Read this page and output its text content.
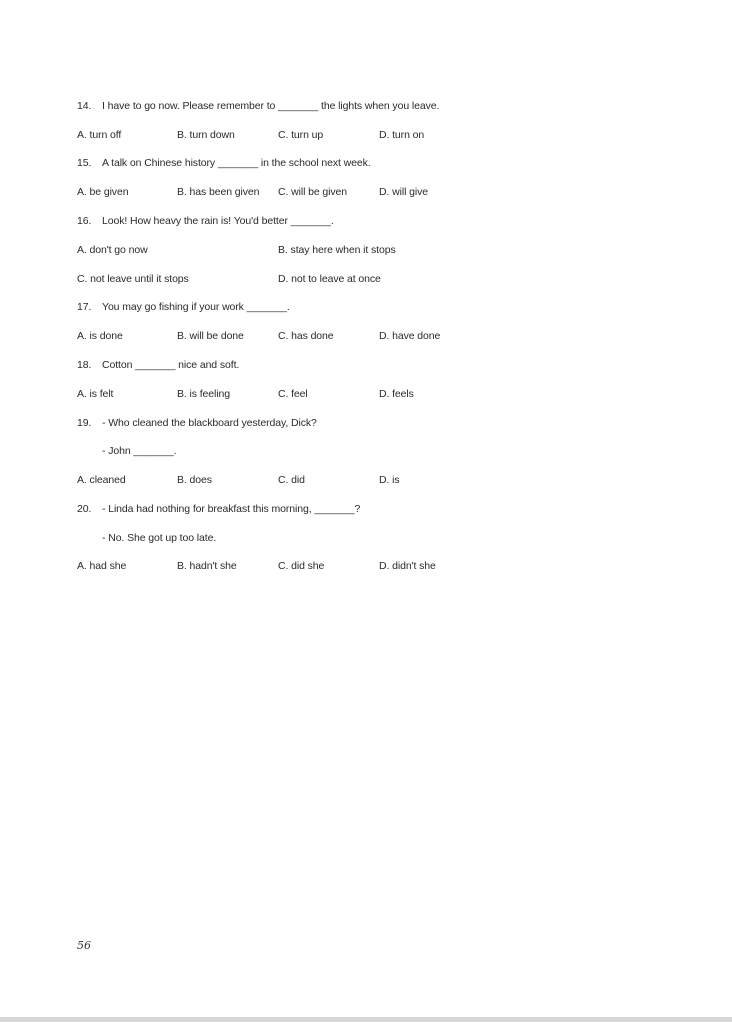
14. I have to go now. Please remember to _______ the lights when you leave.
A. turn off	B. turn down	C. turn up	D. turn on
15. A talk on Chinese history _______ in the school next week.
A. be given	B. has been given C. will be given	D. will give
16. Look! How heavy the rain is! You'd better _______.
A. don't go now	B. stay here when it stops
C. not leave until it stops	D. not to leave at once
17. You may go fishing if your work _______.
A. is done	B. will be done	C. has done	D. have done
18. Cotton _______ nice and soft.
A. is felt	B. is feeling	C. feel	D. feels
19. - Who cleaned the blackboard yesterday, Dick?
- John _______.
A. cleaned	B. does	C. did	D. is
20. - Linda had nothing for breakfast this morning, _______?
- No. She got up too late.
A. had she	B. hadn't she	C. did she	D. didn't she
56
